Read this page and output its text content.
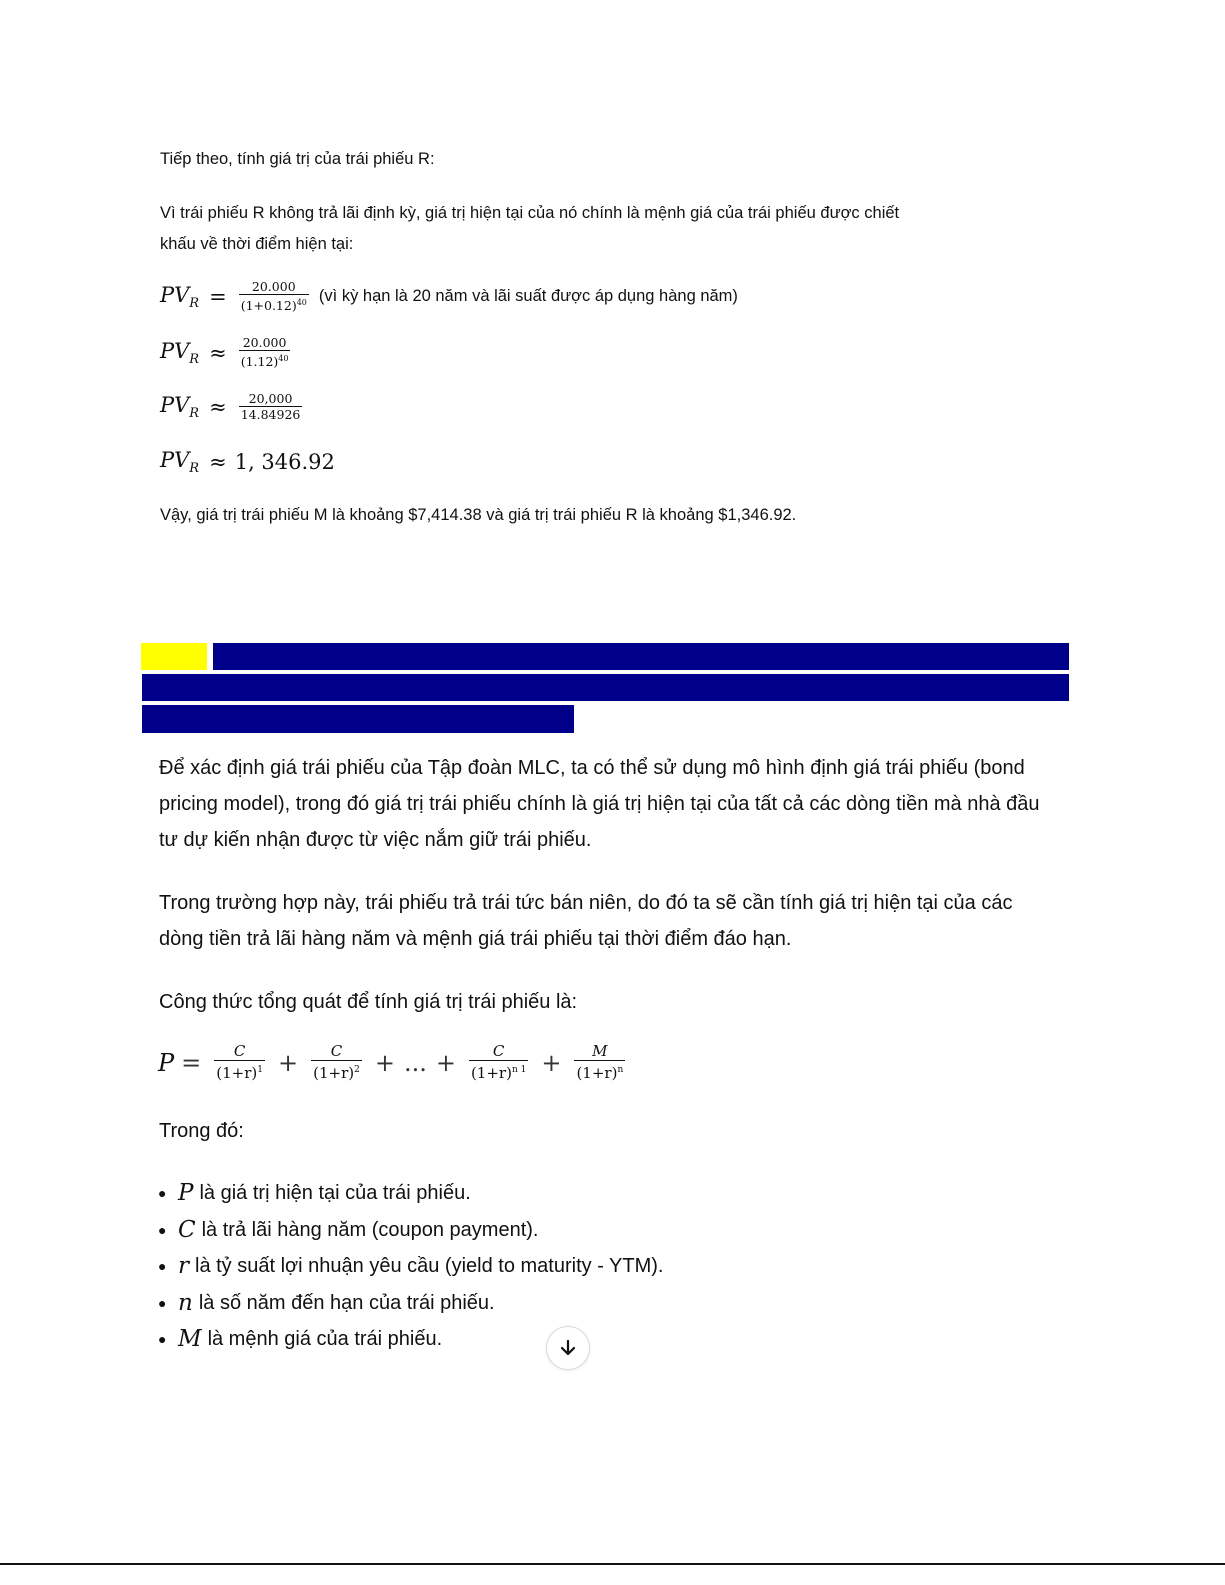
Tiếp theo, tính giá trị của trái phiếu R:
Vì trái phiếu R không trả lãi định kỳ, giá trị hiện tại của nó chính là mệnh giá của trái phiếu được chiết khấu về thời điểm hiện tại:
$PV_R = \frac{20.000}{(1+0.12)^{40}}$ (vì kỳ hạn là 20 năm và lãi suất được áp dụng hàng năm)
$PV_R \approx \frac{20.000}{(1.12)^{40}}$
$PV_R \approx \frac{20,000}{14.84926}$
$PV_R \approx 1$, 346.92
Vậy, giá trị trái phiếu M là khoảng $7,414.38 và giá trị trái phiếu R là khoảng $1,346.92.
Để xác định giá trái phiếu của Tập đoàn MLC, ta có thể sử dụng mô hình định giá trái phiếu (bond pricing model), trong đó giá trị trái phiếu chính là giá trị hiện tại của tất cả các dòng tiền mà nhà đầu tư dự kiến nhận được từ việc nắm giữ trái phiếu.
Trong trường hợp này, trái phiếu trả trái tức bán niên, do đó ta sẽ cần tính giá trị hiện tại của các dòng tiền trả lãi hàng năm và mệnh giá trái phiếu tại thời điểm đáo hạn.
Công thức tổng quát để tính giá trị trái phiếu là:
$P = \frac{C}{(1+r)^1} + \frac{C}{(1+r)^2}$ + ... + $\frac{C}{(1+r)^{n 1}} + \frac{M}{(1+r)^n}$
Trong đó:
● P là giá trị hiện tại của trái phiếu.
● C là trả lãi hàng năm (coupon payment).
● r là tỷ suất lợi nhuận yêu cầu (yield to maturity - YTM).
● n là số năm đến hạn của trái phiếu.
● M là mệnh giá của trái phiếu.
